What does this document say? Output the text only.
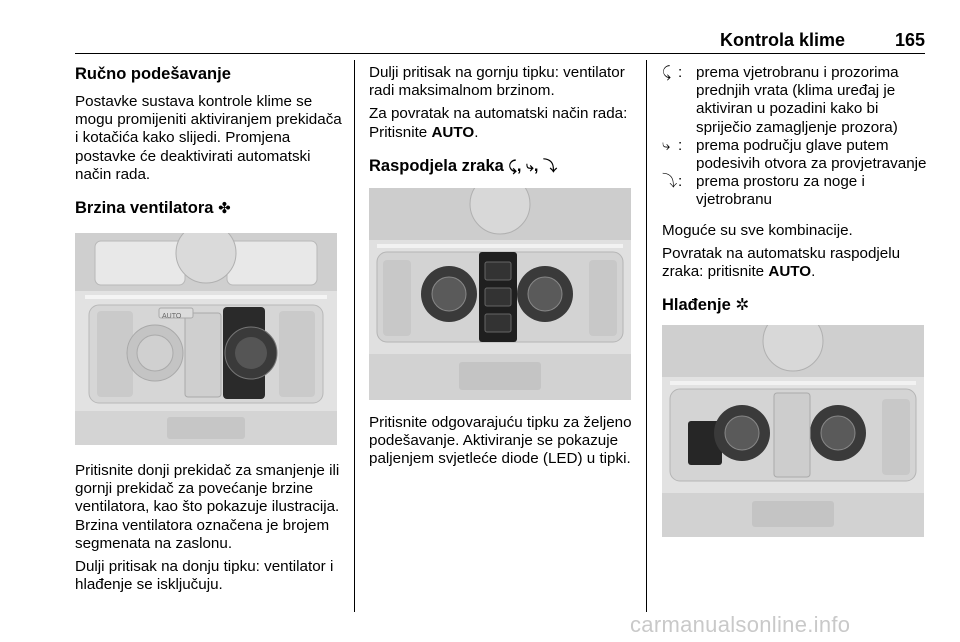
Kontrola klime	165
Ručno podešavanje

Postavke sustava kontrole klime se mogu promijeniti aktiviranjem prekidača i kotačića kako slijedi. Promjena postavke će deaktivirati automatski način rada.

Brzina ventilatora ✤
AUTO

Pritisnite donji prekidač za smanjenje ili gornji prekidač za povećanje brzine ventilatora, kao što pokazuje ilustracija. Brzina ventilatora označena je brojem segmenata na zaslonu.

Dulji pritisak na donju tipku: ventilator i hlađenje se isključuju.

Dulji pritisak na gornju tipku: ventilator radi maksimalnom brzinom.

Za povratak na automatski način rada: Pritisnite AUTO.

Raspodjela zraka ⤹, ⤷, ⤵

Pritisnite odgovarajuću tipku za željeno podešavanje. Aktiviranje se pokazuje paljenjem svjetleće diode (LED) u tipki.

⤹ : prema vjetrobranu i prozorima prednjih vrata (klima uređaj je aktiviran u pozadini kako bi spriječio zamagljenje prozora)
⤷ : prema području glave putem podesivih otvora za provjetravanje
⤵ : prema prostoru za noge i vjetrobranu

Moguće su sve kombinacije.

Povratak na automatsku raspodjelu zraka: pritisnite AUTO.

Hlađenje ✲
carmanualsonline.info
